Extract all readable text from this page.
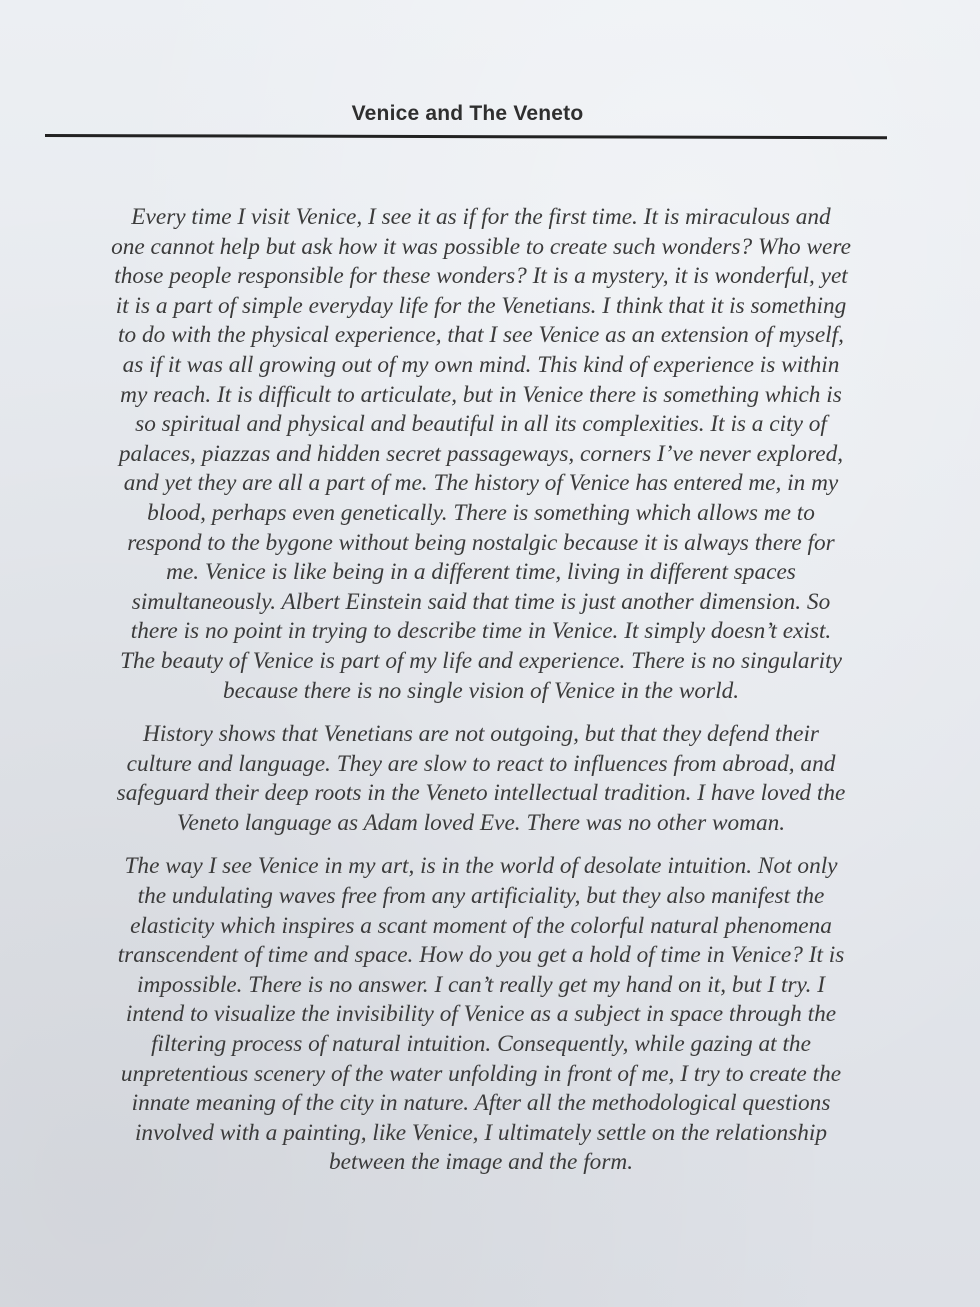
Venice and The Veneto

Every time I visit Venice, I see it as if for the first time. It is miraculous and
one cannot help but ask how it was possible to create such wonders? Who were
those people responsible for these wonders? It is a mystery, it is wonderful, yet
it is a part of simple everyday life for the Venetians. I think that it is something
to do with the physical experience, that I see Venice as an extension of myself,
as if it was all growing out of my own mind. This kind of experience is within
my reach. It is difficult to articulate, but in Venice there is something which is
so spiritual and physical and beautiful in all its complexities. It is a city of
palaces, piazzas and hidden secret passageways, corners I’ve never explored,
and yet they are all a part of me. The history of Venice has entered me, in my
blood, perhaps even genetically. There is something which allows me to
respond to the bygone without being nostalgic because it is always there for
me. Venice is like being in a different time, living in different spaces
simultaneously. Albert Einstein said that time is just another dimension. So
there is no point in trying to describe time in Venice. It simply doesn’t exist.
The beauty of Venice is part of my life and experience. There is no singularity
because there is no single vision of Venice in the world.

History shows that Venetians are not outgoing, but that they defend their
culture and language. They are slow to react to influences from abroad, and
safeguard their deep roots in the Veneto intellectual tradition. I have loved the
Veneto language as Adam loved Eve. There was no other woman.

The way I see Venice in my art, is in the world of desolate intuition. Not only
the undulating waves free from any artificiality, but they also manifest the
elasticity which inspires a scant moment of the colorful natural phenomena
transcendent of time and space. How do you get a hold of time in Venice? It is
impossible. There is no answer. I can’t really get my hand on it, but I try. I
intend to visualize the invisibility of Venice as a subject in space through the
filtering process of natural intuition. Consequently, while gazing at the
unpretentious scenery of the water unfolding in front of me, I try to create the
innate meaning of the city in nature. After all the methodological questions
involved with a painting, like Venice, I ultimately settle on the relationship
between the image and the form.
